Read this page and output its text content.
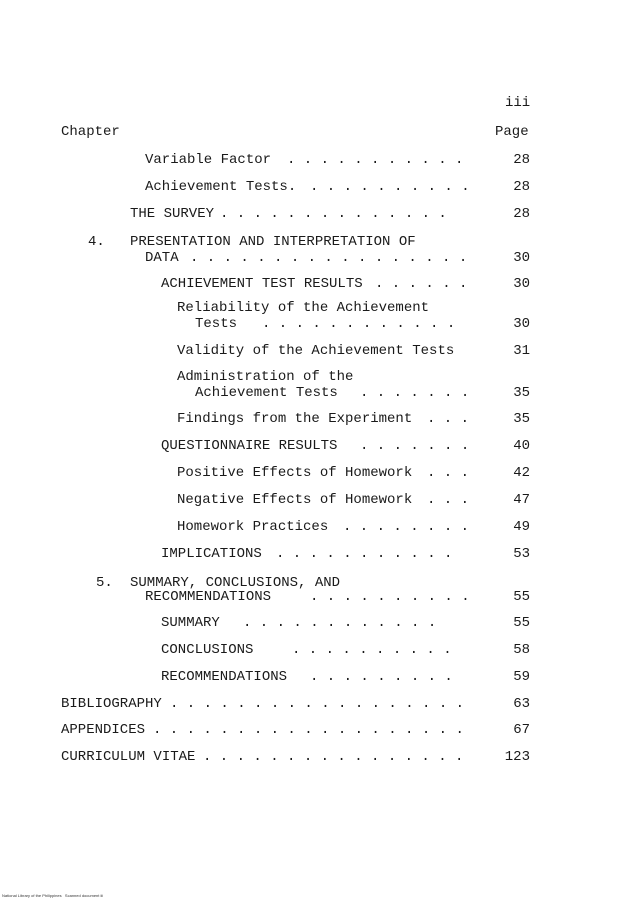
iii
Chapter	Page
Variable Factor . . . . . . . . . . .	28
Achievement Tests. . . . . . . . . . .	28
THE SURVEY . . . . . . . . . . . . . .	28
4. PRESENTATION AND INTERPRETATION OF
DATA . . . . . . . . . . . . . . . . .	30
ACHIEVEMENT TEST RESULTS . . . . . .	30
Reliability of the Achievement
Tests . . . . . . . . . . . .	30
Validity of the Achievement Tests	31
Administration of the
Achievement Tests . . . . . . .	35
Findings from the Experiment . . .	35
QUESTIONNAIRE RESULTS . . . . . . .	40
Positive Effects of Homework . . .	42
Negative Effects of Homework . . .	47
Homework Practices . . . . . . . .	49
IMPLICATIONS . . . . . . . . . . .	53
5. SUMMARY, CONCLUSIONS, AND
RECOMMENDATIONS	. . . . . . . . . .	55
SUMMARY . . . . . . . . . . . .	55
CONCLUSIONS	. . . . . . . . . .	58
RECOMMENDATIONS . . . . . . . . .	59
BIBLIOGRAPHY . . . . . . . . . . . . . . . . . .	63
APPENDICES . . . . . . . . . . . . . . . . . . .	67
CURRICULUM VITAE . . . . . . . . . . . . . . . .	123
National Library of the Philippines   Scanned document iii
